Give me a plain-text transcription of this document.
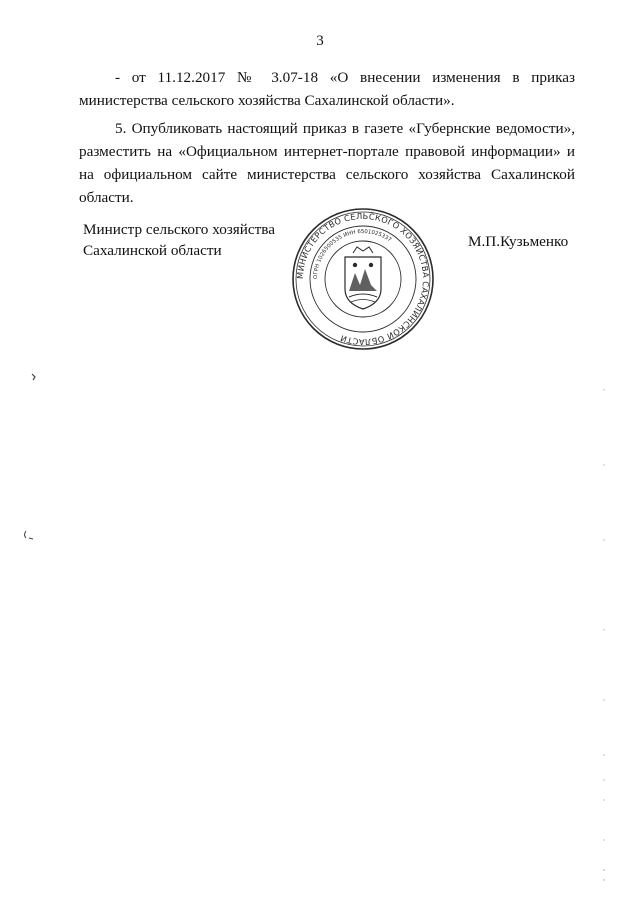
3

- от 11.12.2017 № 3.07-18 «О внесении изменения в приказ министерства сельского хозяйства Сахалинской области».

5. Опубликовать настоящий приказ в газете «Губернские ведомости», разместить на «Официальном интернет-портале правовой информации» и на официальном сайте министерства сельского хозяйства Сахалинской области.

Министр сельского хозяйства
Сахалинской области
МИНИСТЕРСТВО СЕЛЬСКОГО ХОЗЯЙСТВА САХАЛИНСКОЙ ОБЛАСТИ
ОГРН 1026500535 ИНН 6501025337	М.П.Кузьменко
